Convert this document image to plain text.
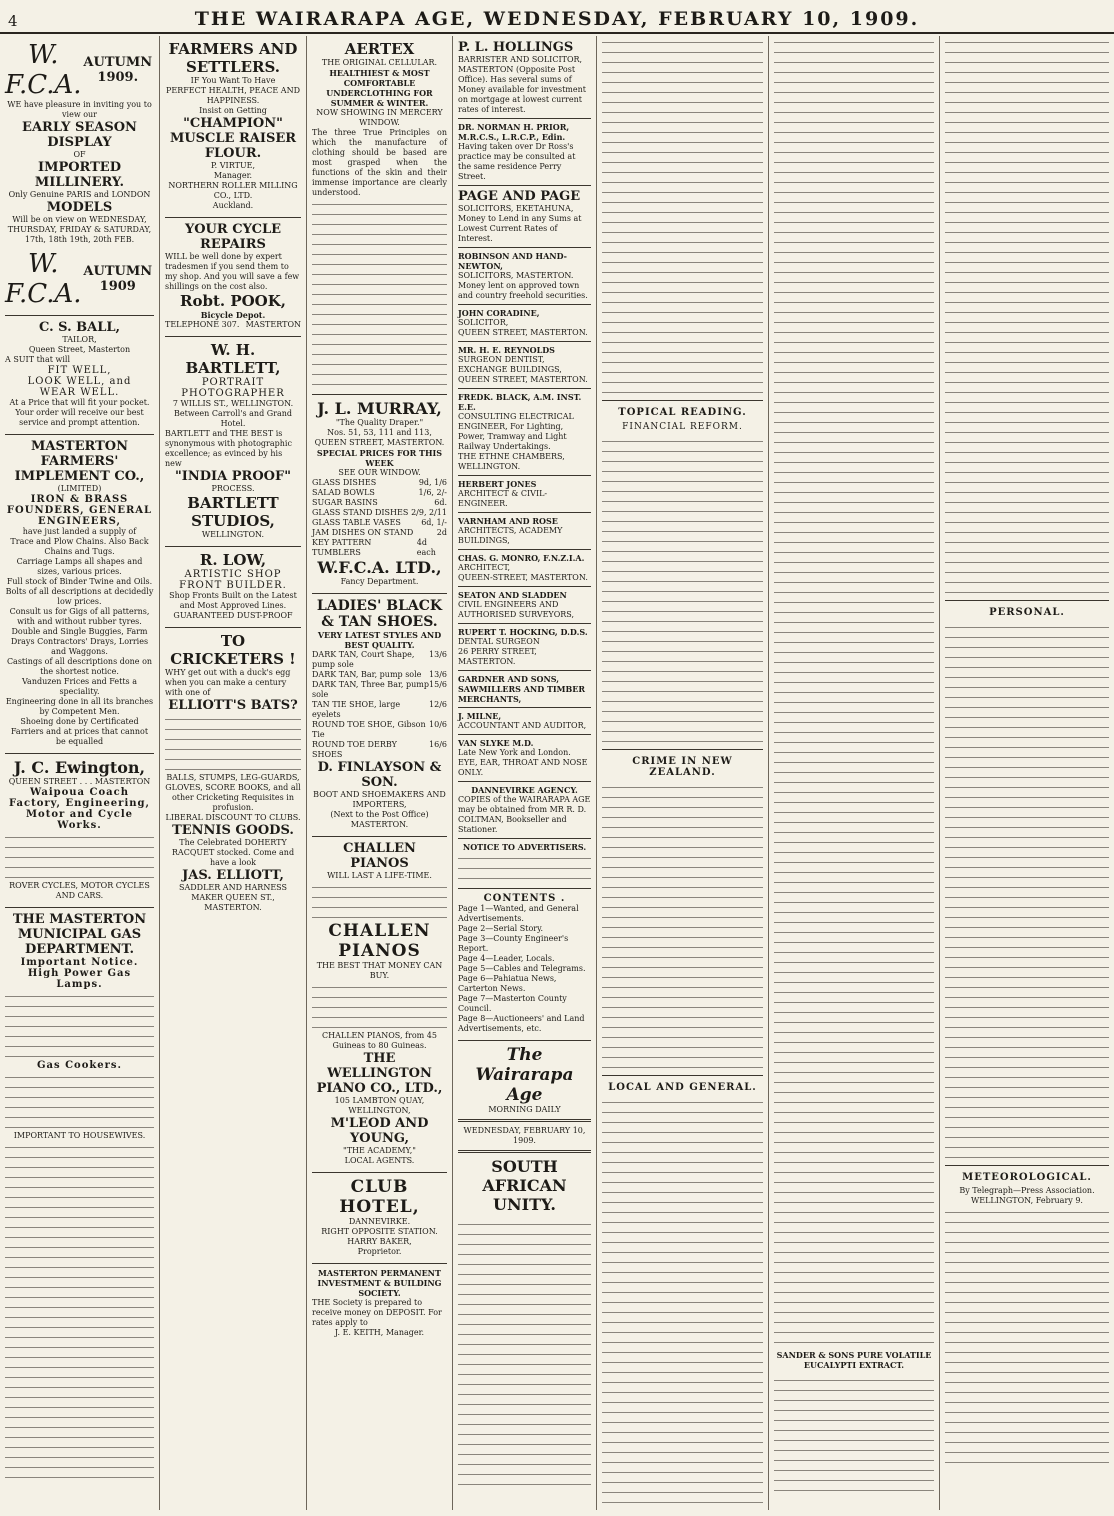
4	THE WAIRARAPA AGE, WEDNESDAY, FEBRUARY 10, 1909.
W.
F.C.A.
AUTUMN 1909.
WE have pleasure in inviting you to view our
EARLY SEASON DISPLAY
OF
IMPORTED MILLINERY.
Only Genuine PARIS and LONDON
MODELS
Will be on view on WEDNESDAY, THURSDAY, FRIDAY & SATURDAY, 17th, 18th 19th, 20th FEB.
W.
F.C.A.
AUTUMN 1909
C. S. BALL,
TAILOR,
Queen Street, Masterton
A SUIT that will
FIT WELL,
LOOK WELL, and
WEAR WELL.
At a Price that will fit your pocket.
Your order will receive our best service and prompt attention.
MASTERTON FARMERS' IMPLEMENT CO.,
(LIMITED)
IRON & BRASS FOUNDERS, GENERAL ENGINEERS,
have just landed a supply of
Trace and Plow Chains. Also Back Chains and Tugs.
Carriage Lamps all shapes and sizes, various prices.
Full stock of Binder Twine and Oils.
Bolts of all descriptions at decidedly low prices.
Consult us for Gigs of all patterns, with and without rubber tyres.
Double and Single Buggies, Farm Drays Contractors' Drays, Lorries and Waggons.
Castings of all descriptions done on the shortest notice.
Vanduzen Frices and Fetts a speciality.
Engineering done in all its branches by Competent Men.
Shoeing done by Certificated Farriers and at prices that cannot be equalled
J. C. Ewington,
QUEEN STREET . . . MASTERTON
Waipoua Coach Factory, Engineering, Motor and Cycle Works.
ROVER CYCLES, MOTOR CYCLES AND CARS.
THE MASTERTON MUNICIPAL GAS DEPARTMENT.
Important Notice.
High Power Gas Lamps.
Gas Cookers.
IMPORTANT TO HOUSEWIVES.
FARMERS AND SETTLERS.
IF You Want To Have
PERFECT HEALTH, PEACE AND HAPPINESS.
Insist on Getting
"CHAMPION" MUSCLE RAISER FLOUR.
P. VIRTUE,
Manager.
NORTHERN ROLLER MILLING CO., LTD.
Auckland.
YOUR CYCLE REPAIRS
WILL be well done by expert tradesmen if you send them to my shop. And you will save a few shillings on the cost also.
Robt. POOK,
Bicycle Depot.
TELEPHONE 307. MASTERTON
W. H. BARTLETT,
PORTRAIT PHOTOGRAPHER
7 WILLIS ST., WELLINGTON.
Between Carroll's and Grand Hotel.
BARTLETT and THE BEST is synonymous with photographic excellence; as evinced by his new
"INDIA PROOF"
PROCESS.
BARTLETT STUDIOS,
WELLINGTON.
R. LOW,
ARTISTIC SHOP FRONT BUILDER.
Shop Fronts Built on the Latest and Most Approved Lines.
GUARANTEED DUST-PROOF
TO CRICKETERS !
WHY get out with a duck's egg when you can make a century with one of
ELLIOTT'S BATS?
BALLS, STUMPS, LEG-GUARDS, GLOVES, SCORE BOOKS, and all other Cricketing Requisites in profusion.
LIBERAL DISCOUNT TO CLUBS.
TENNIS GOODS.
The Celebrated DOHERTY RACQUET stocked. Come and have a look
JAS. ELLIOTT,
SADDLER AND HARNESS MAKER QUEEN ST., MASTERTON.
AERTEX
THE ORIGINAL CELLULAR.
HEALTHIEST & MOST COMFORTABLE UNDERCLOTHING FOR SUMMER & WINTER.
NOW SHOWING IN MERCERY WINDOW.
The three True Principles on which the manufacture of clothing should be based are most grasped when the functions of the skin and their immense importance are clearly understood.
J. L. MURRAY,
"The Quality Draper."
Nos. 51, 53, 111 and 113, QUEEN STREET, MASTERTON.
SPECIAL PRICES FOR THIS WEEK
SEE OUR WINDOW.
GLASS DISHES	9d, 1/6
SALAD BOWLS	1/6, 2/-
SUGAR BASINS	6d.
GLASS STAND DISHES 2/9, 2/11
GLASS TABLE VASES	6d, 1/-
JAM DISHES ON STAND	2d
KEY PATTERN TUMBLERS
4d each
W.F.C.A. LTD.,
Fancy Department.
LADIES' BLACK & TAN SHOES.
VERY LATEST STYLES AND BEST QUALITY.
DARK TAN, Court Shape, pump sole
13/6
DARK TAN, Bar, pump sole 13/6
DARK TAN, Three Bar, pump sole
15/6
TAN TIE SHOE, large eyelets
12/6
ROUND TOE SHOE, Gibson Tie
10/6
ROUND TOE DERBY SHOES
16/6
D. FINLAYSON & SON.
BOOT AND SHOEMAKERS AND IMPORTERS,
(Next to the Post Office) MASTERTON.
CHALLEN PIANOS
WILL LAST A LIFE-TIME.
CHALLEN PIANOS
THE BEST THAT MONEY CAN BUY.
CHALLEN PIANOS, from 45 Guineas to 80 Guineas.
THE WELLINGTON PIANO CO., LTD.,
105 LAMBTON QUAY, WELLINGTON,
M'LEOD AND YOUNG,
"THE ACADEMY,"
LOCAL AGENTS.
CLUB HOTEL,
DANNEVIRKE.
RIGHT OPPOSITE STATION.
HARRY BAKER,
Proprietor.
MASTERTON PERMANENT INVESTMENT & BUILDING SOCIETY.
THE Society is prepared to receive money on DEPOSIT. For rates apply to
J. E. KEITH, Manager.
P. L. HOLLINGS
BARRISTER AND SOLICITOR,
MASTERTON (Opposite Post Office). Has several sums of Money available for investment on mortgage at lowest current rates of interest.
DR. NORMAN H. PRIOR, M.R.C.S., L.R.C.P., Edin.
Having taken over Dr Ross's practice may be consulted at the same residence Perry Street.
PAGE AND PAGE
SOLICITORS, EKETAHUNA,
Money to Lend in any Sums at Lowest Current Rates of Interest.
ROBINSON AND HAND-NEWTON,
SOLICITORS, MASTERTON.
Money lent on approved town and country freehold securities.
JOHN CORADINE,
SOLICITOR,
QUEEN STREET, MASTERTON.
MR. H. E. REYNOLDS
SURGEON DENTIST,
EXCHANGE BUILDINGS, QUEEN STREET, MASTERTON.
FREDK. BLACK, A.M. INST. E.E.
CONSULTING ELECTRICAL ENGINEER, For Lighting, Power, Tramway and Light Railway Undertakings.
THE ETHNE CHAMBERS, WELLINGTON.
HERBERT JONES
ARCHITECT & CIVIL-ENGINEER.
VARNHAM AND ROSE
ARCHITECTS, ACADEMY BUILDINGS,
CHAS. G. MONRO, F.N.Z.I.A.
ARCHITECT,
QUEEN-STREET, MASTERTON.
SEATON AND SLADDEN
CIVIL ENGINEERS AND AUTHORISED SURVEYORS,
RUPERT T. HOCKING, D.D.S.
DENTAL SURGEON
26 PERRY STREET, MASTERTON.
GARDNER AND SONS, SAWMILLERS AND TIMBER MERCHANTS,
J. MILNE,
ACCOUNTANT AND AUDITOR,
VAN SLYKE M.D.
Late New York and London.
EYE, EAR, THROAT AND NOSE ONLY.
DANNEVIRKE AGENCY.
COPIES of the WAIRARAPA AGE may be obtained from MR R. D. COLTMAN, Bookseller and Stationer.
NOTICE TO ADVERTISERS.
CONTENTS .
Page 1—Wanted, and General Advertisements.
Page 2—Serial Story.
Page 3—County Engineer's Report.
Page 4—Leader, Locals.
Page 5—Cables and Telegrams.
Page 6—Pahiatua News, Carterton News.
Page 7—Masterton County Council.
Page 8—Auctioneers' and Land Advertisements, etc.
The Wairarapa Age
MORNING DAILY
WEDNESDAY, FEBRUARY 10, 1909.
SOUTH AFRICAN UNITY.
TOPICAL READING.
FINANCIAL REFORM.
CRIME IN NEW ZEALAND.
LOCAL AND GENERAL.
SANDER & SONS PURE VOLATILE EUCALYPTI EXTRACT.
PERSONAL.
METEOROLOGICAL.
By Telegraph—Press Association.
WELLINGTON, February 9.
